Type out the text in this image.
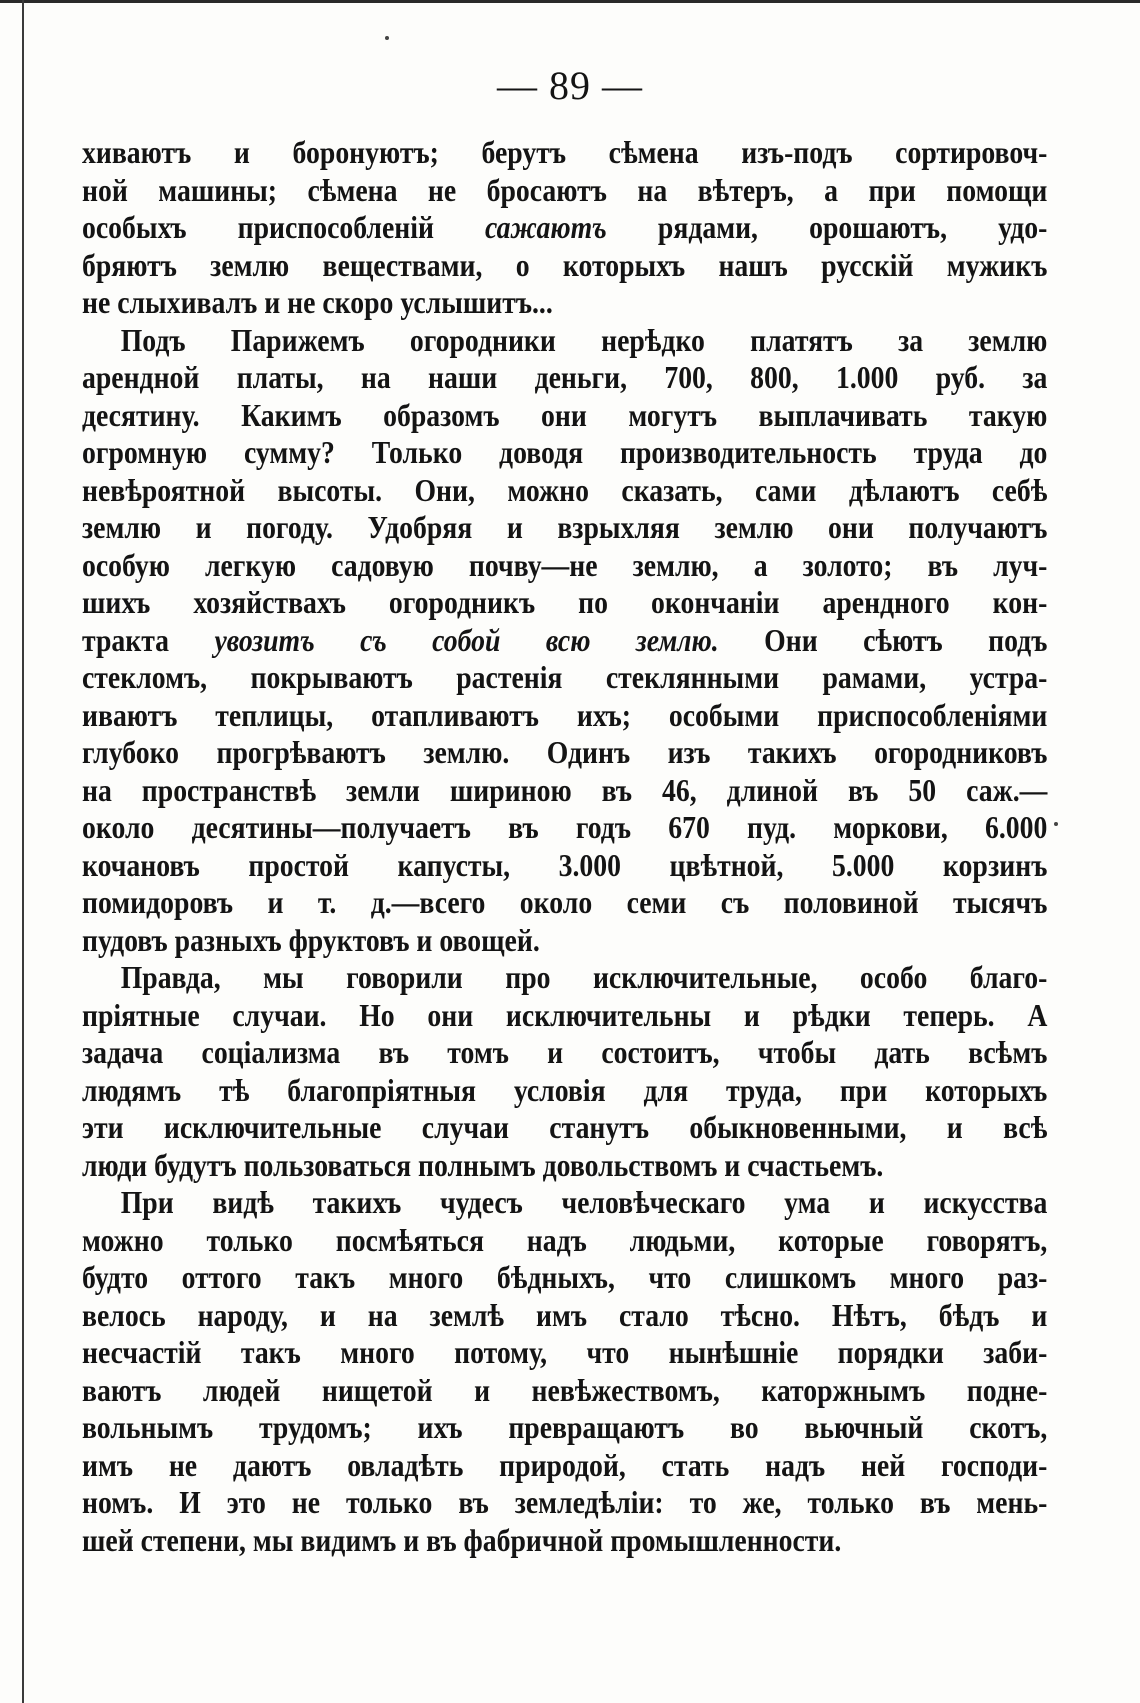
— 89 —
хиваютъ и боронуютъ; берутъ сѣмена изъ-подъ сортировоч-
ной машины; сѣмена не бросаютъ на вѣтеръ, а при помощи
особыхъ приспособленій сажаютъ рядами, орошаютъ, удо-
бряютъ землю веществами, о которыхъ нашъ русскій мужикъ
не слыхивалъ и не скоро услышитъ...
Подъ Парижемъ огородники нерѣдко платятъ за землю
арендной платы, на наши деньги, 700, 800, 1.000 руб. за
десятину. Какимъ образомъ они могутъ выплачивать такую
огромную сумму? Только доводя производительность труда до
невѣроятной высоты. Они, можно сказать, сами дѣлаютъ себѣ
землю и погоду. Удобряя и взрыхляя землю они получаютъ
особую легкую садовую почву—не землю, а золото; въ луч-
шихъ хозяйствахъ огородникъ по окончаніи арендного кон-
тракта увозитъ съ собой всю землю. Они сѣютъ подъ
стекломъ, покрываютъ растенія стеклянными рамами, устра-
иваютъ теплицы, отапливаютъ ихъ; особыми приспособленіями
глубоко прогрѣваютъ землю. Одинъ изъ такихъ огородниковъ
на пространствѣ земли шириною въ 46, длиной въ 50 саж.—
около десятины—получаетъ въ годъ 670 пуд. моркови, 6.000
кочановъ простой капусты, 3.000 цвѣтной, 5.000 корзинъ
помидоровъ и т. д.—всего около семи съ половиной тысячъ
пудовъ разныхъ фруктовъ и овощей.
Правда, мы говорили про исключительные, особо благо-
пріятные случаи. Но они исключительны и рѣдки теперь. А
задача соціализма въ томъ и состоитъ, чтобы дать всѣмъ
людямъ тѣ благопріятныя условія для труда, при которыхъ
эти исключительные случаи станутъ обыкновенными, и всѣ
люди будутъ пользоваться полнымъ довольствомъ и счастьемъ.
При видѣ такихъ чудесъ человѣческаго ума и искусства
можно только посмѣяться надъ людьми, которые говорятъ,
будто оттого такъ много бѣдныхъ, что слишкомъ много раз-
велось народу, и на землѣ имъ стало тѣсно. Нѣтъ, бѣдъ и
несчастій такъ много потому, что нынѣшніе порядки заби-
ваютъ людей нищетой и невѣжествомъ, каторжнымъ подне-
вольнымъ трудомъ; ихъ превращаютъ во вьючный скотъ,
имъ не даютъ овладѣть природой, стать надъ ней господи-
номъ. И это не только въ земледѣліи: то же, только въ мень-
шей степени, мы видимъ и въ фабричной промышленности.
